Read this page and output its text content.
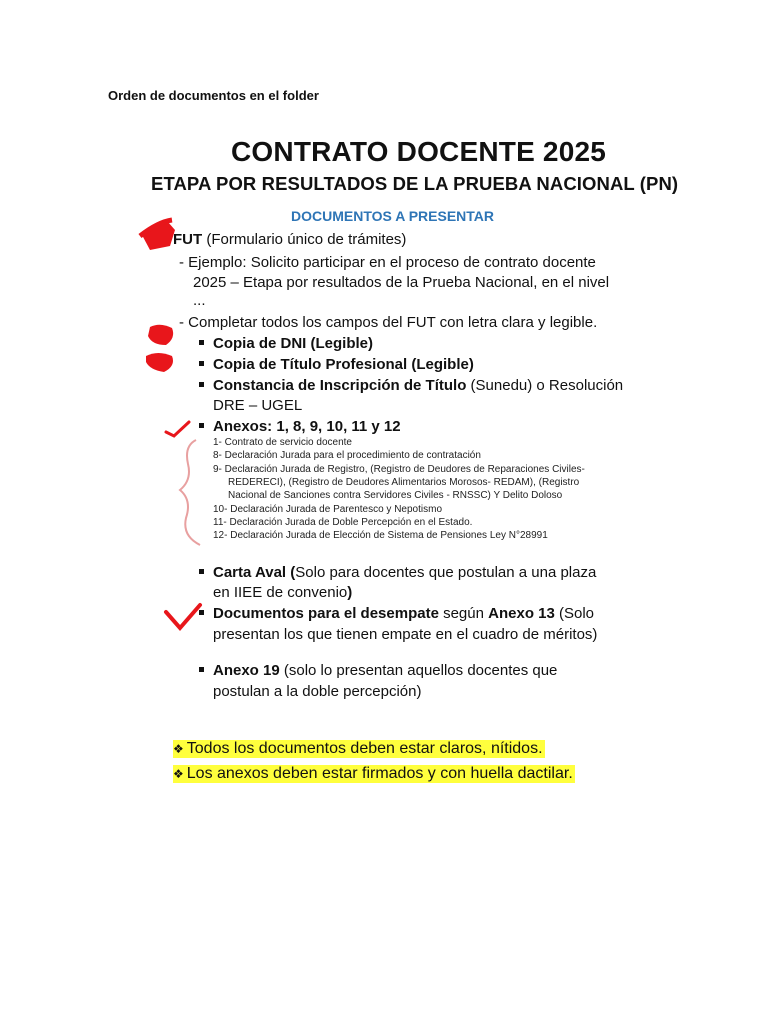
Orden de documentos en el folder
CONTRATO DOCENTE 2025
ETAPA POR RESULTADOS DE LA PRUEBA NACIONAL (PN)
DOCUMENTOS A PRESENTAR
FUT (Formulario único de trámites)
- Ejemplo: Solicito participar en el proceso de contrato docente
2025 – Etapa por resultados de la Prueba Nacional, en el nivel
...
- Completar todos los campos del FUT con letra clara y legible.
Copia de DNI (Legible)
Copia de Título Profesional (Legible)
Constancia de Inscripción de Título (Sunedu) o Resolución
DRE – UGEL
Anexos: 1, 8, 9, 10, 11 y 12
1- Contrato de servicio docente
8- Declaración Jurada para el procedimiento de contratación
9- Declaración Jurada de Registro, (Registro de Deudores de Reparaciones Civiles-
REDERECI), (Registro de Deudores Alimentarios Morosos- REDAM), (Registro
Nacional de Sanciones contra Servidores Civiles - RNSSC) Y Delito Doloso
10- Declaración Jurada de Parentesco y Nepotismo
11- Declaración Jurada de Doble Percepción en el Estado.
12- Declaración Jurada de Elección de Sistema de Pensiones Ley N°28991
Carta Aval (Solo para docentes que postulan a una plaza
en IIEE de convenio)
Documentos para el desempate según Anexo 13 (Solo
presentan los que tienen empate en el cuadro de méritos)
Anexo 19 (solo lo presentan aquellos docentes que
postulan a la doble percepción)
❖ Todos los documentos deben estar claros, nítidos.
❖ Los anexos deben estar firmados y con huella dactilar.
